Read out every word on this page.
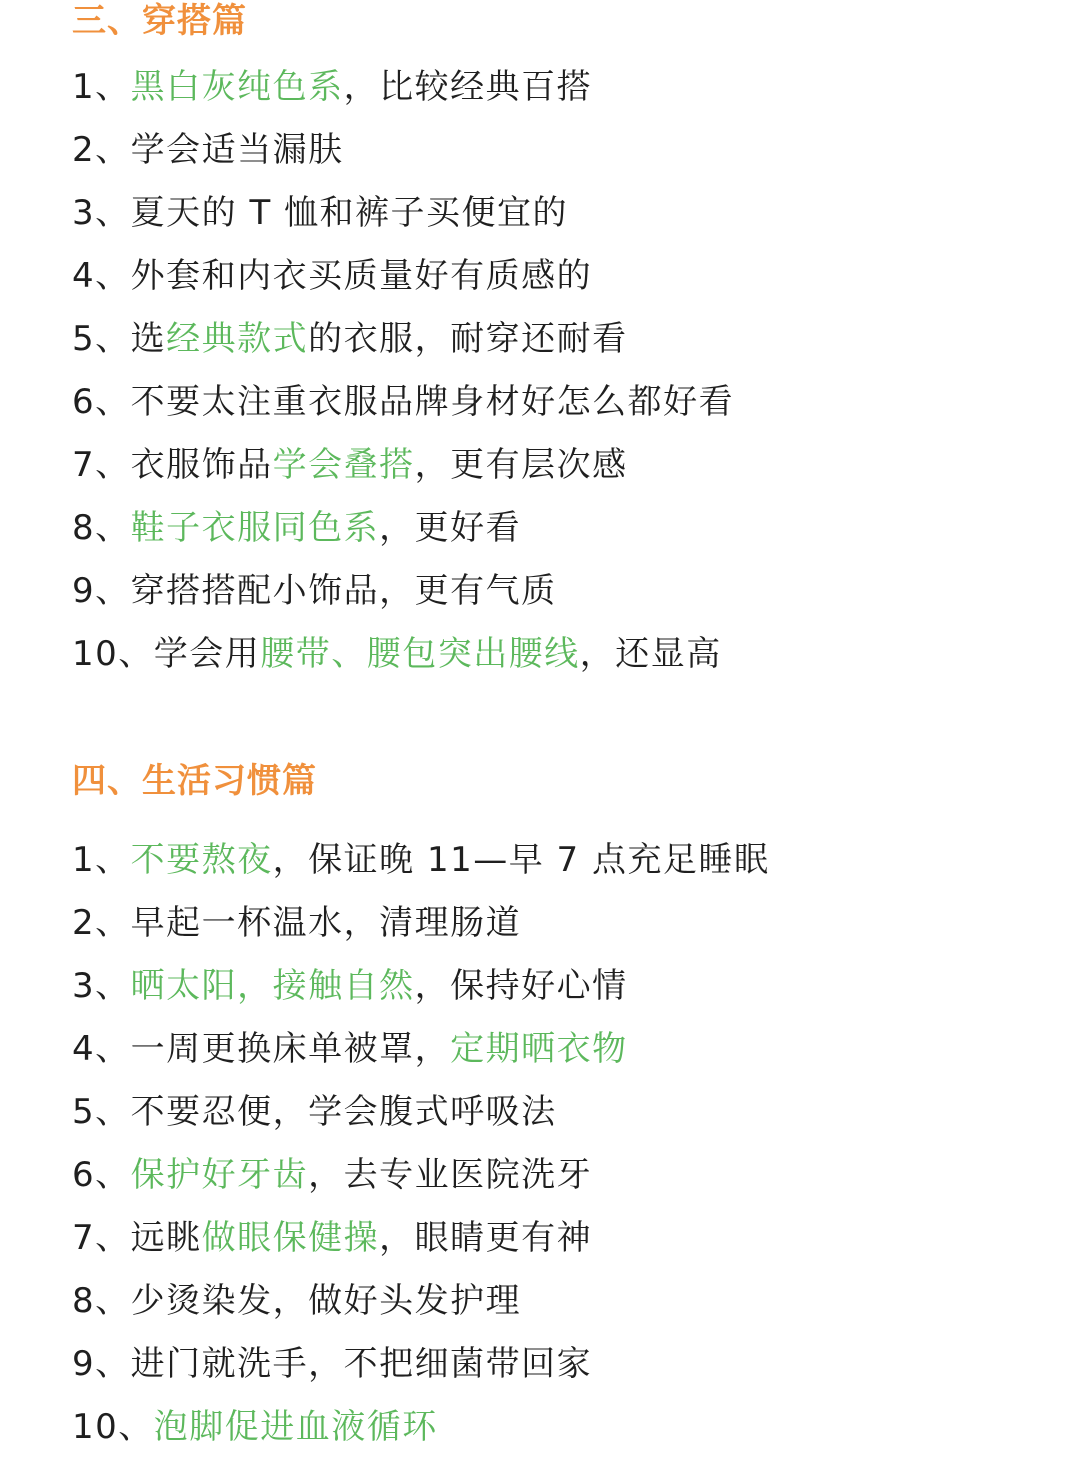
三、穿搭篇
1、黑白灰纯色系，比较经典百搭
2、学会适当漏肤
3、夏天的 T 恤和裤子买便宜的
4、外套和内衣买质量好有质感的
5、选经典款式的衣服，耐穿还耐看
6、不要太注重衣服品牌身材好怎么都好看
7、衣服饰品学会叠搭，更有层次感
8、鞋子衣服同色系，更好看
9、穿搭搭配小饰品，更有气质
10、学会用腰带、腰包突出腰线，还显高
四、生活习惯篇
1、不要熬夜，保证晚 11—早 7 点充足睡眠
2、早起一杯温水，清理肠道
3、晒太阳，接触自然，保持好心情
4、一周更换床单被罩，定期晒衣物
5、不要忍便，学会腹式呼吸法
6、保护好牙齿，去专业医院洗牙
7、远眺做眼保健操，眼睛更有神
8、少烫染发，做好头发护理
9、进门就洗手，不把细菌带回家
10、泡脚促进血液循环
